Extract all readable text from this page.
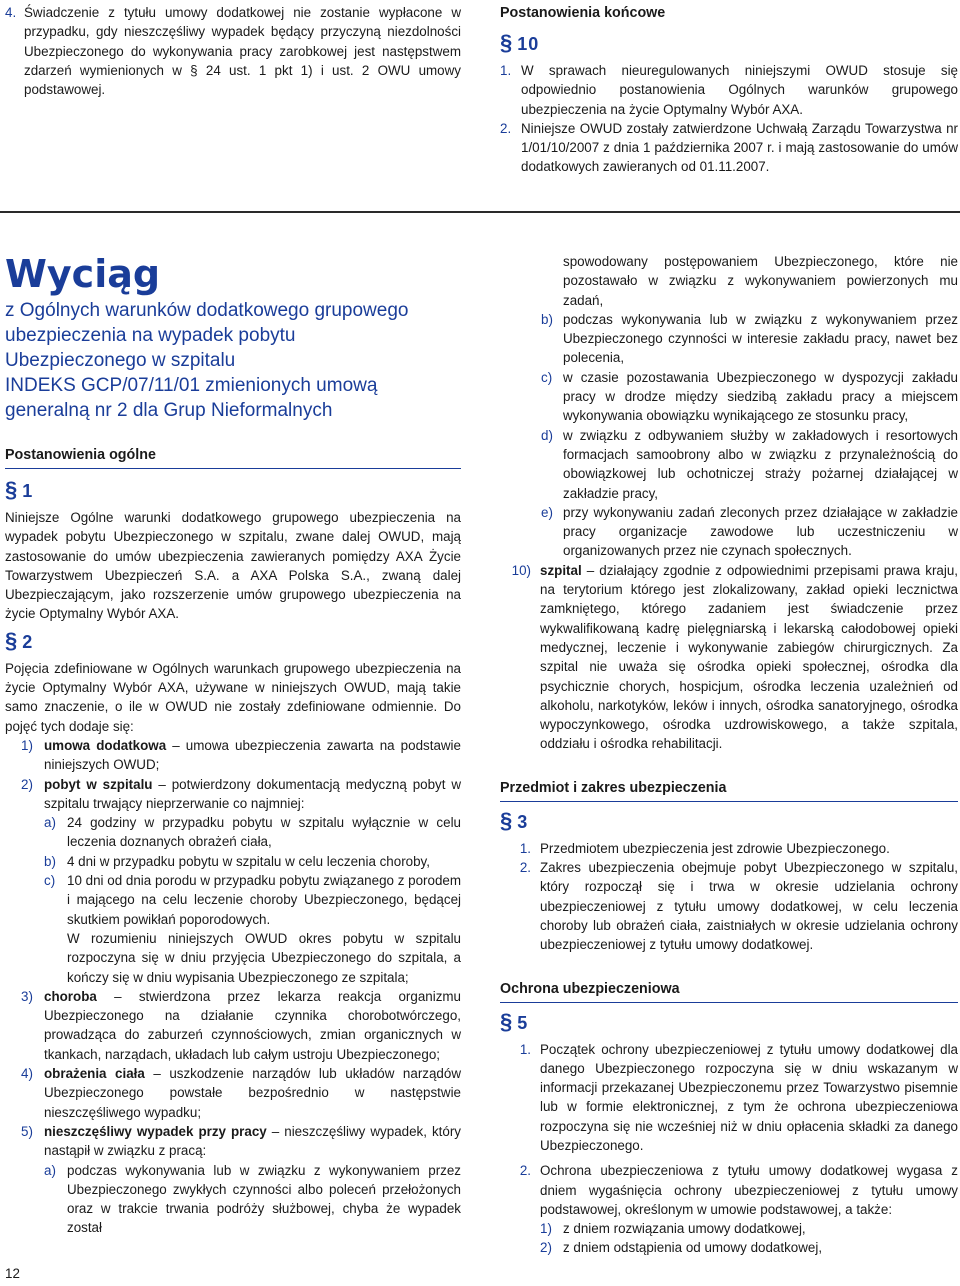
4. Świadczenie z tytułu umowy dodatkowej nie zostanie wypłacone w przypadku, gdy nieszczęśliwy wypadek będący przyczyną niezdolności Ubezpieczonego do wykonywania pracy zarobkowej jest następstwem zdarzeń wymienionych w § 24 ust. 1 pkt 1) i ust. 2 OWU umowy podstawowej.

Postanowienia końcowe
§ 10
1. W sprawach nieuregulowanych niniejszymi OWUD stosuje się odpowiednio postanowienia Ogólnych warunków grupowego ubezpieczenia na życie Optymalny Wybór AXA.

2. Niniejsze OWUD zostały zatwierdzone Uchwałą Zarządu Towarzystwa nr 1/01/10/2007 z dnia 1 października 2007 r. i mają zastosowanie do umów dodatkowych zawieranych od 01.11.2007.

Wyciąg
z Ogólnych warunków dodatkowego grupowego
ubezpieczenia na wypadek pobytu
Ubezpieczonego w szpitalu
INDEKS GCP/07/11/01 zmienionych umową
generalną nr 2 dla Grup Nieformalnych
Postanowienia ogólne
§ 1

Niniejsze Ogólne warunki dodatkowego grupowego ubezpieczenia na wypadek pobytu Ubezpieczonego w szpitalu, zwane dalej OWUD, mają zastosowanie do umów ubezpieczenia zawieranych pomiędzy AXA Życie Towarzystwem Ubezpieczeń S.A. a AXA Polska S.A., zwaną dalej Ubezpieczającym, jako rozszerzenie umów grupowego ubezpieczenia na życie Optymalny Wybór AXA.

§ 2

Pojęcia zdefiniowane w Ogólnych warunkach grupowego ubezpieczenia na życie Optymalny Wybór AXA, używane w niniejszych OWUD, mają takie samo znaczenie, o ile w OWUD nie zostały zdefiniowane odmiennie. Do pojęć tych dodaje się:

1) umowa dodatkowa – umowa ubezpieczenia zawarta na podstawie niniejszych OWUD;

2) pobyt w szpitalu – potwierdzony dokumentacją medyczną pobyt w szpitalu trwający nieprzerwanie co najmniej:

a) 24 godziny w przypadku pobytu w szpitalu wyłącznie w celu leczenia doznanych obrażeń ciała,

b) 4 dni w przypadku pobytu w szpitalu w celu leczenia choroby,

c) 10 dni od dnia porodu w przypadku pobytu związanego z porodem i mającego na celu leczenie choroby Ubezpieczonego, będącej skutkiem powikłań poporodowych.

W rozumieniu niniejszych OWUD okres pobytu w szpitalu rozpoczyna się w dniu przyjęcia Ubezpieczonego do szpitala, a kończy się w dniu wypisania Ubezpieczonego ze szpitala;

3) choroba – stwierdzona przez lekarza reakcja organizmu Ubezpieczonego na działanie czynnika chorobotwórczego, prowadząca do zaburzeń czynnościowych, zmian organicznych w tkankach, narządach, układach lub całym ustroju Ubezpieczonego;

4) obrażenia ciała – uszkodzenie narządów lub układów narządów Ubezpieczonego powstałe bezpośrednio w następstwie nieszczęśliwego wypadku;

5) nieszczęśliwy wypadek przy pracy – nieszczęśliwy wypadek, który nastąpił w związku z pracą:

a) podczas wykonywania lub w związku z wykonywaniem przez Ubezpieczonego zwykłych czynności albo poleceń przełożonych oraz w trakcie trwania podróży służbowej, chyba że wypadek został

spowodowany postępowaniem Ubezpieczonego, które nie pozostawało w związku z wykonywaniem powierzonych mu zadań,

b) podczas wykonywania lub w związku z wykonywaniem przez Ubezpieczonego czynności w interesie zakładu pracy, nawet bez polecenia,

c) w czasie pozostawania Ubezpieczonego w dyspozycji zakładu pracy w drodze między siedzibą zakładu pracy a miejscem wykonywania obowiązku wynikającego ze stosunku pracy,

d) w związku z odbywaniem służby w zakładowych i resortowych formacjach samoobrony albo w związku z przynależnością do obowiązkowej lub ochotniczej straży pożarnej działającej w zakładzie pracy,

e) przy wykonywaniu zadań zleconych przez działające w zakładzie pracy organizacje zawodowe lub uczestniczeniu w organizowanych przez nie czynach społecznych.

10) szpital – działający zgodnie z odpowiednimi przepisami prawa kraju, na terytorium którego jest zlokalizowany, zakład opieki lecznictwa zamkniętego, którego zadaniem jest świadczenie przez wykwalifikowaną kadrę pielęgniarską i lekarską całodobowej opieki medycznej, leczenie i wykonywanie zabiegów chirurgicznych. Za szpital nie uważa się ośrodka opieki społecznej, ośrodka dla psychicznie chorych, hospicjum, ośrodka leczenia uzależnień od alkoholu, narkotyków, leków i innych, ośrodka sanatoryjnego, ośrodka wypoczynkowego, ośrodka uzdrowiskowego, a także szpitala, oddziału i ośrodka rehabilitacji.

Przedmiot i zakres ubezpieczenia
§ 3
1. Przedmiotem ubezpieczenia jest zdrowie Ubezpieczonego.

2. Zakres ubezpieczenia obejmuje pobyt Ubezpieczonego w szpitalu, który rozpoczął się i trwa w okresie udzielania ochrony ubezpieczeniowej z tytułu umowy dodatkowej, w celu leczenia choroby lub obrażeń ciała, zaistniałych w okresie udzielania ochrony ubezpieczeniowej z tytułu umowy dodatkowej.

Ochrona ubezpieczeniowa
§ 5
1. Początek ochrony ubezpieczeniowej z tytułu umowy dodatkowej dla danego Ubezpieczonego rozpoczyna się w dniu wskazanym w informacji przekazanej Ubezpieczonemu przez Towarzystwo pisemnie lub w formie elektronicznej, z tym że ochrona ubezpieczeniowa rozpoczyna się nie wcześniej niż w dniu opłacenia składki za danego Ubezpieczonego.

2. Ochrona ubezpieczeniowa z tytułu umowy dodatkowej wygasa z dniem wygaśnięcia ochrony ubezpieczeniowej z tytułu umowy podstawowej, określonym w umowie podstawowej, a także:

1) z dniem rozwiązania umowy dodatkowej,

2) z dniem odstąpienia od umowy dodatkowej,

12
